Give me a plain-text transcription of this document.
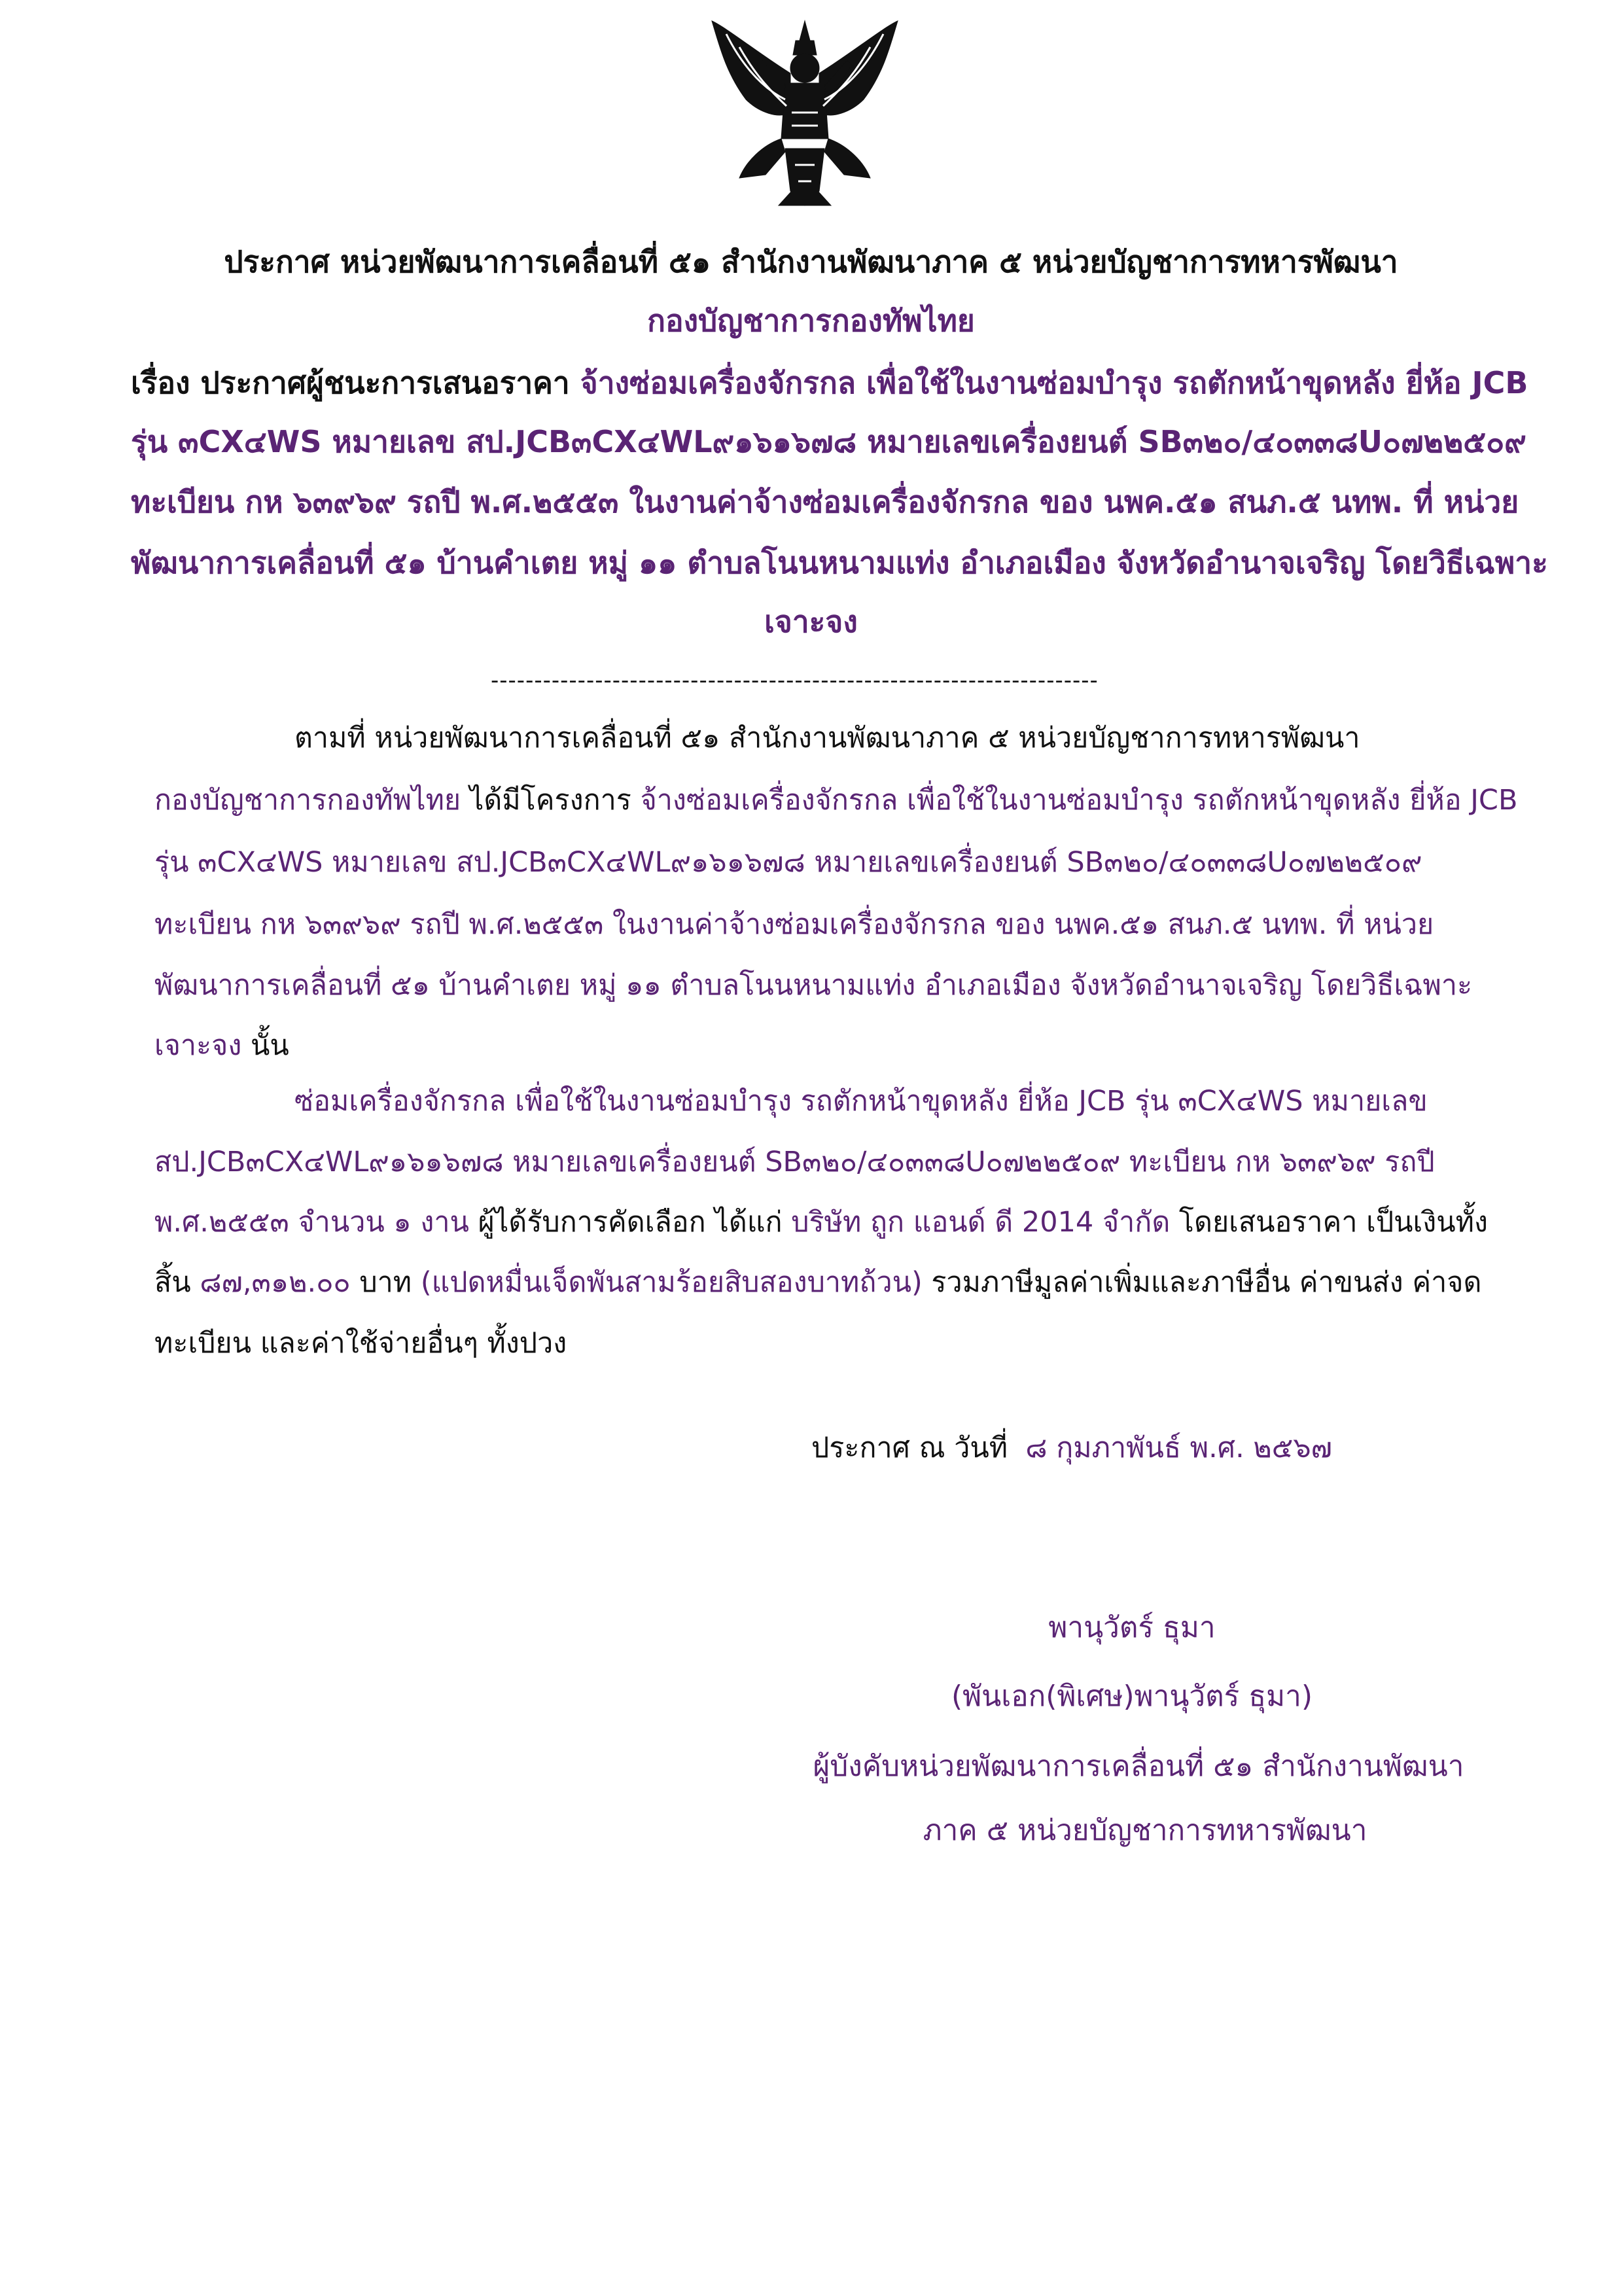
ประกาศ หน่วยพัฒนาการเคลื่อนที่ ๕๑ สำนักงานพัฒนาภาค ๕ หน่วยบัญชาการทหารพัฒนา
กองบัญชาการกองทัพไทย
เรื่อง ประกาศผู้ชนะการเสนอราคา จ้างซ่อมเครื่องจักรกล เพื่อใช้ในงานซ่อมบำรุง รถตักหน้าขุดหลัง ยี่ห้อ JCB
รุ่น ๓CX๔WS หมายเลข สป.JCB๓CX๔WL๙๑๖๑๖๗๘ หมายเลขเครื่องยนต์ SB๓๒๐/๔๐๓๓๘U๐๗๒๒๕๐๙
ทะเบียน กห ๖๓๙๖๙ รถปี พ.ศ.๒๕๕๓ ในงานค่าจ้างซ่อมเครื่องจักรกล ของ นพค.๕๑ สนภ.๕ นทพ. ที่ หน่วย
พัฒนาการเคลื่อนที่ ๕๑ บ้านคำเตย หมู่ ๑๑ ตำบลโนนหนามแท่ง อำเภอเมือง จังหวัดอำนาจเจริญ โดยวิธีเฉพาะ
เจาะจง
----------------------------------------------------------------------
ตามที่ หน่วยพัฒนาการเคลื่อนที่ ๕๑ สำนักงานพัฒนาภาค ๕ หน่วยบัญชาการทหารพัฒนา
กองบัญชาการกองทัพไทย ได้มีโครงการ จ้างซ่อมเครื่องจักรกล เพื่อใช้ในงานซ่อมบำรุง รถตักหน้าขุดหลัง ยี่ห้อ JCB
รุ่น ๓CX๔WS หมายเลข สป.JCB๓CX๔WL๙๑๖๑๖๗๘ หมายเลขเครื่องยนต์ SB๓๒๐/๔๐๓๓๘U๐๗๒๒๕๐๙
ทะเบียน กห ๖๓๙๖๙ รถปี พ.ศ.๒๕๕๓ ในงานค่าจ้างซ่อมเครื่องจักรกล ของ นพค.๕๑ สนภ.๕ นทพ. ที่ หน่วย
พัฒนาการเคลื่อนที่ ๕๑ บ้านคำเตย หมู่ ๑๑ ตำบลโนนหนามแท่ง อำเภอเมือง จังหวัดอำนาจเจริญ โดยวิธีเฉพาะ
เจาะจง นั้น
ซ่อมเครื่องจักรกล เพื่อใช้ในงานซ่อมบำรุง รถตักหน้าขุดหลัง ยี่ห้อ JCB รุ่น ๓CX๔WS หมายเลข
สป.JCB๓CX๔WL๙๑๖๑๖๗๘ หมายเลขเครื่องยนต์ SB๓๒๐/๔๐๓๓๘U๐๗๒๒๕๐๙ ทะเบียน กห ๖๓๙๖๙ รถปี
พ.ศ.๒๕๕๓ จำนวน ๑ งาน ผู้ได้รับการคัดเลือก ได้แก่ บริษัท ถูก แอนด์ ดี 2014 จำกัด โดยเสนอราคา เป็นเงินทั้ง
สิ้น ๘๗,๓๑๒.๐๐ บาท (แปดหมื่นเจ็ดพันสามร้อยสิบสองบาทถ้วน) รวมภาษีมูลค่าเพิ่มและภาษีอื่น ค่าขนส่ง ค่าจด
ทะเบียน และค่าใช้จ่ายอื่นๆ ทั้งปวง
ประกาศ ณ วันที่ ๘ กุมภาพันธ์ พ.ศ. ๒๕๖๗
พานุวัตร์ ธุมา
(พันเอก(พิเศษ)พานุวัตร์ ธุมา)
ผู้บังคับหน่วยพัฒนาการเคลื่อนที่ ๕๑ สำนักงานพัฒนา
ภาค ๕ หน่วยบัญชาการทหารพัฒนา
